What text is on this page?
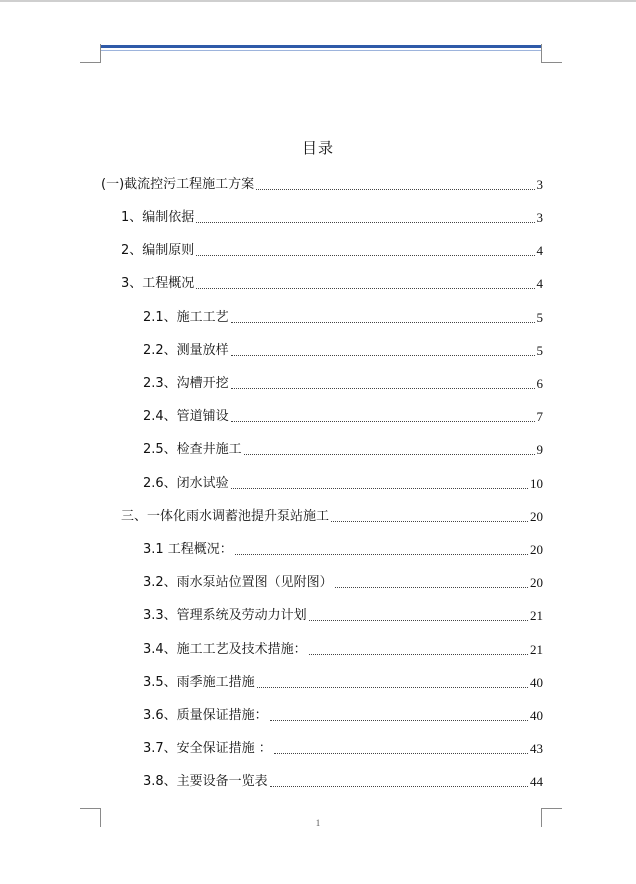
目录
(一)截流控污工程施工方案	3
1、编制依据	3
2、编制原则	4
3、工程概况	4
2.1、施工工艺	5
2.2、测量放样	5
2.3、沟槽开挖	6
2.4、管道铺设	7
2.5、检查井施工	9
2.6、闭水试验	10
三、一体化雨水调蓄池提升泵站施工	20
3.1 工程概况：	20
3.2、雨水泵站位置图（见附图）	20
3.3、管理系统及劳动力计划	21
3.4、施工工艺及技术措施：	21
3.5、雨季施工措施	40
3.6、质量保证措施：	40
3.7、安全保证措施 ：	43
3.8、主要设备一览表	44
1
